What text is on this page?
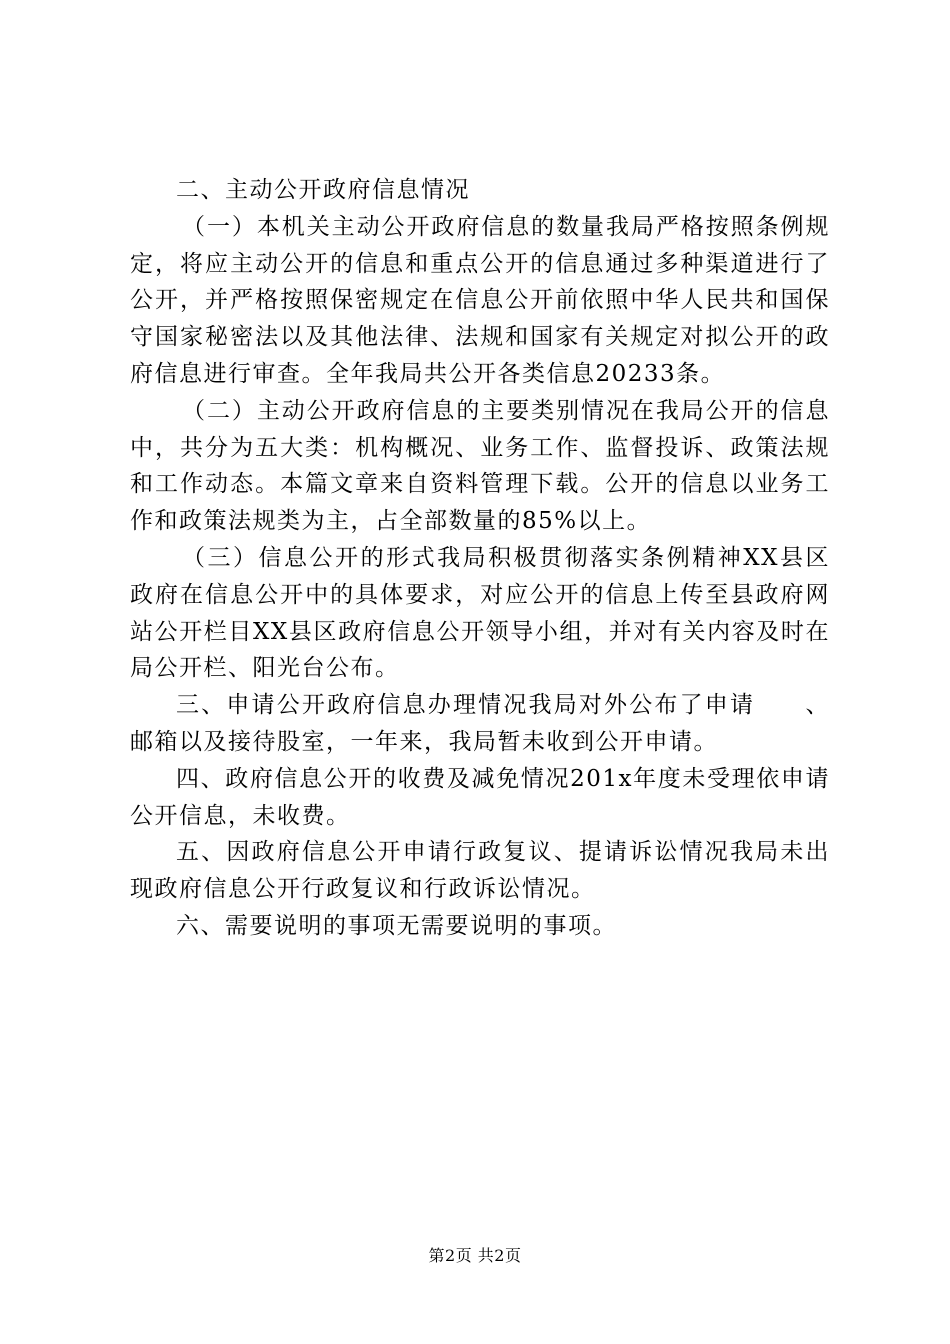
二、主动公开政府信息情况

（一）本机关主动公开政府信息的数量我局严格按照条例规定，将应主动公开的信息和重点公开的信息通过多种渠道进行了公开，并严格按照保密规定在信息公开前依照中华人民共和国保守国家秘密法以及其他法律、法规和国家有关规定对拟公开的政府信息进行审查。全年我局共公开各类信息20233条。

（二）主动公开政府信息的主要类别情况在我局公开的信息中，共分为五大类：机构概况、业务工作、监督投诉、政策法规和工作动态。本篇文章来自资料管理下载。公开的信息以业务工作和政策法规类为主，占全部数量的85%以上。

（三）信息公开的形式我局积极贯彻落实条例精神XX县区政府在信息公开中的具体要求，对应公开的信息上传至县政府网站公开栏目XX县区政府信息公开领导小组，并对有关内容及时在局公开栏、阳光台公布。

三、申请公开政府信息办理情况我局对外公布了申请　　、邮箱以及接待股室，一年来，我局暂未收到公开申请。

四、政府信息公开的收费及减免情况201x年度未受理依申请公开信息，未收费。

五、因政府信息公开申请行政复议、提请诉讼情况我局未出现政府信息公开行政复议和行政诉讼情况。

六、需要说明的事项无需要说明的事项。

第2页 共2页
